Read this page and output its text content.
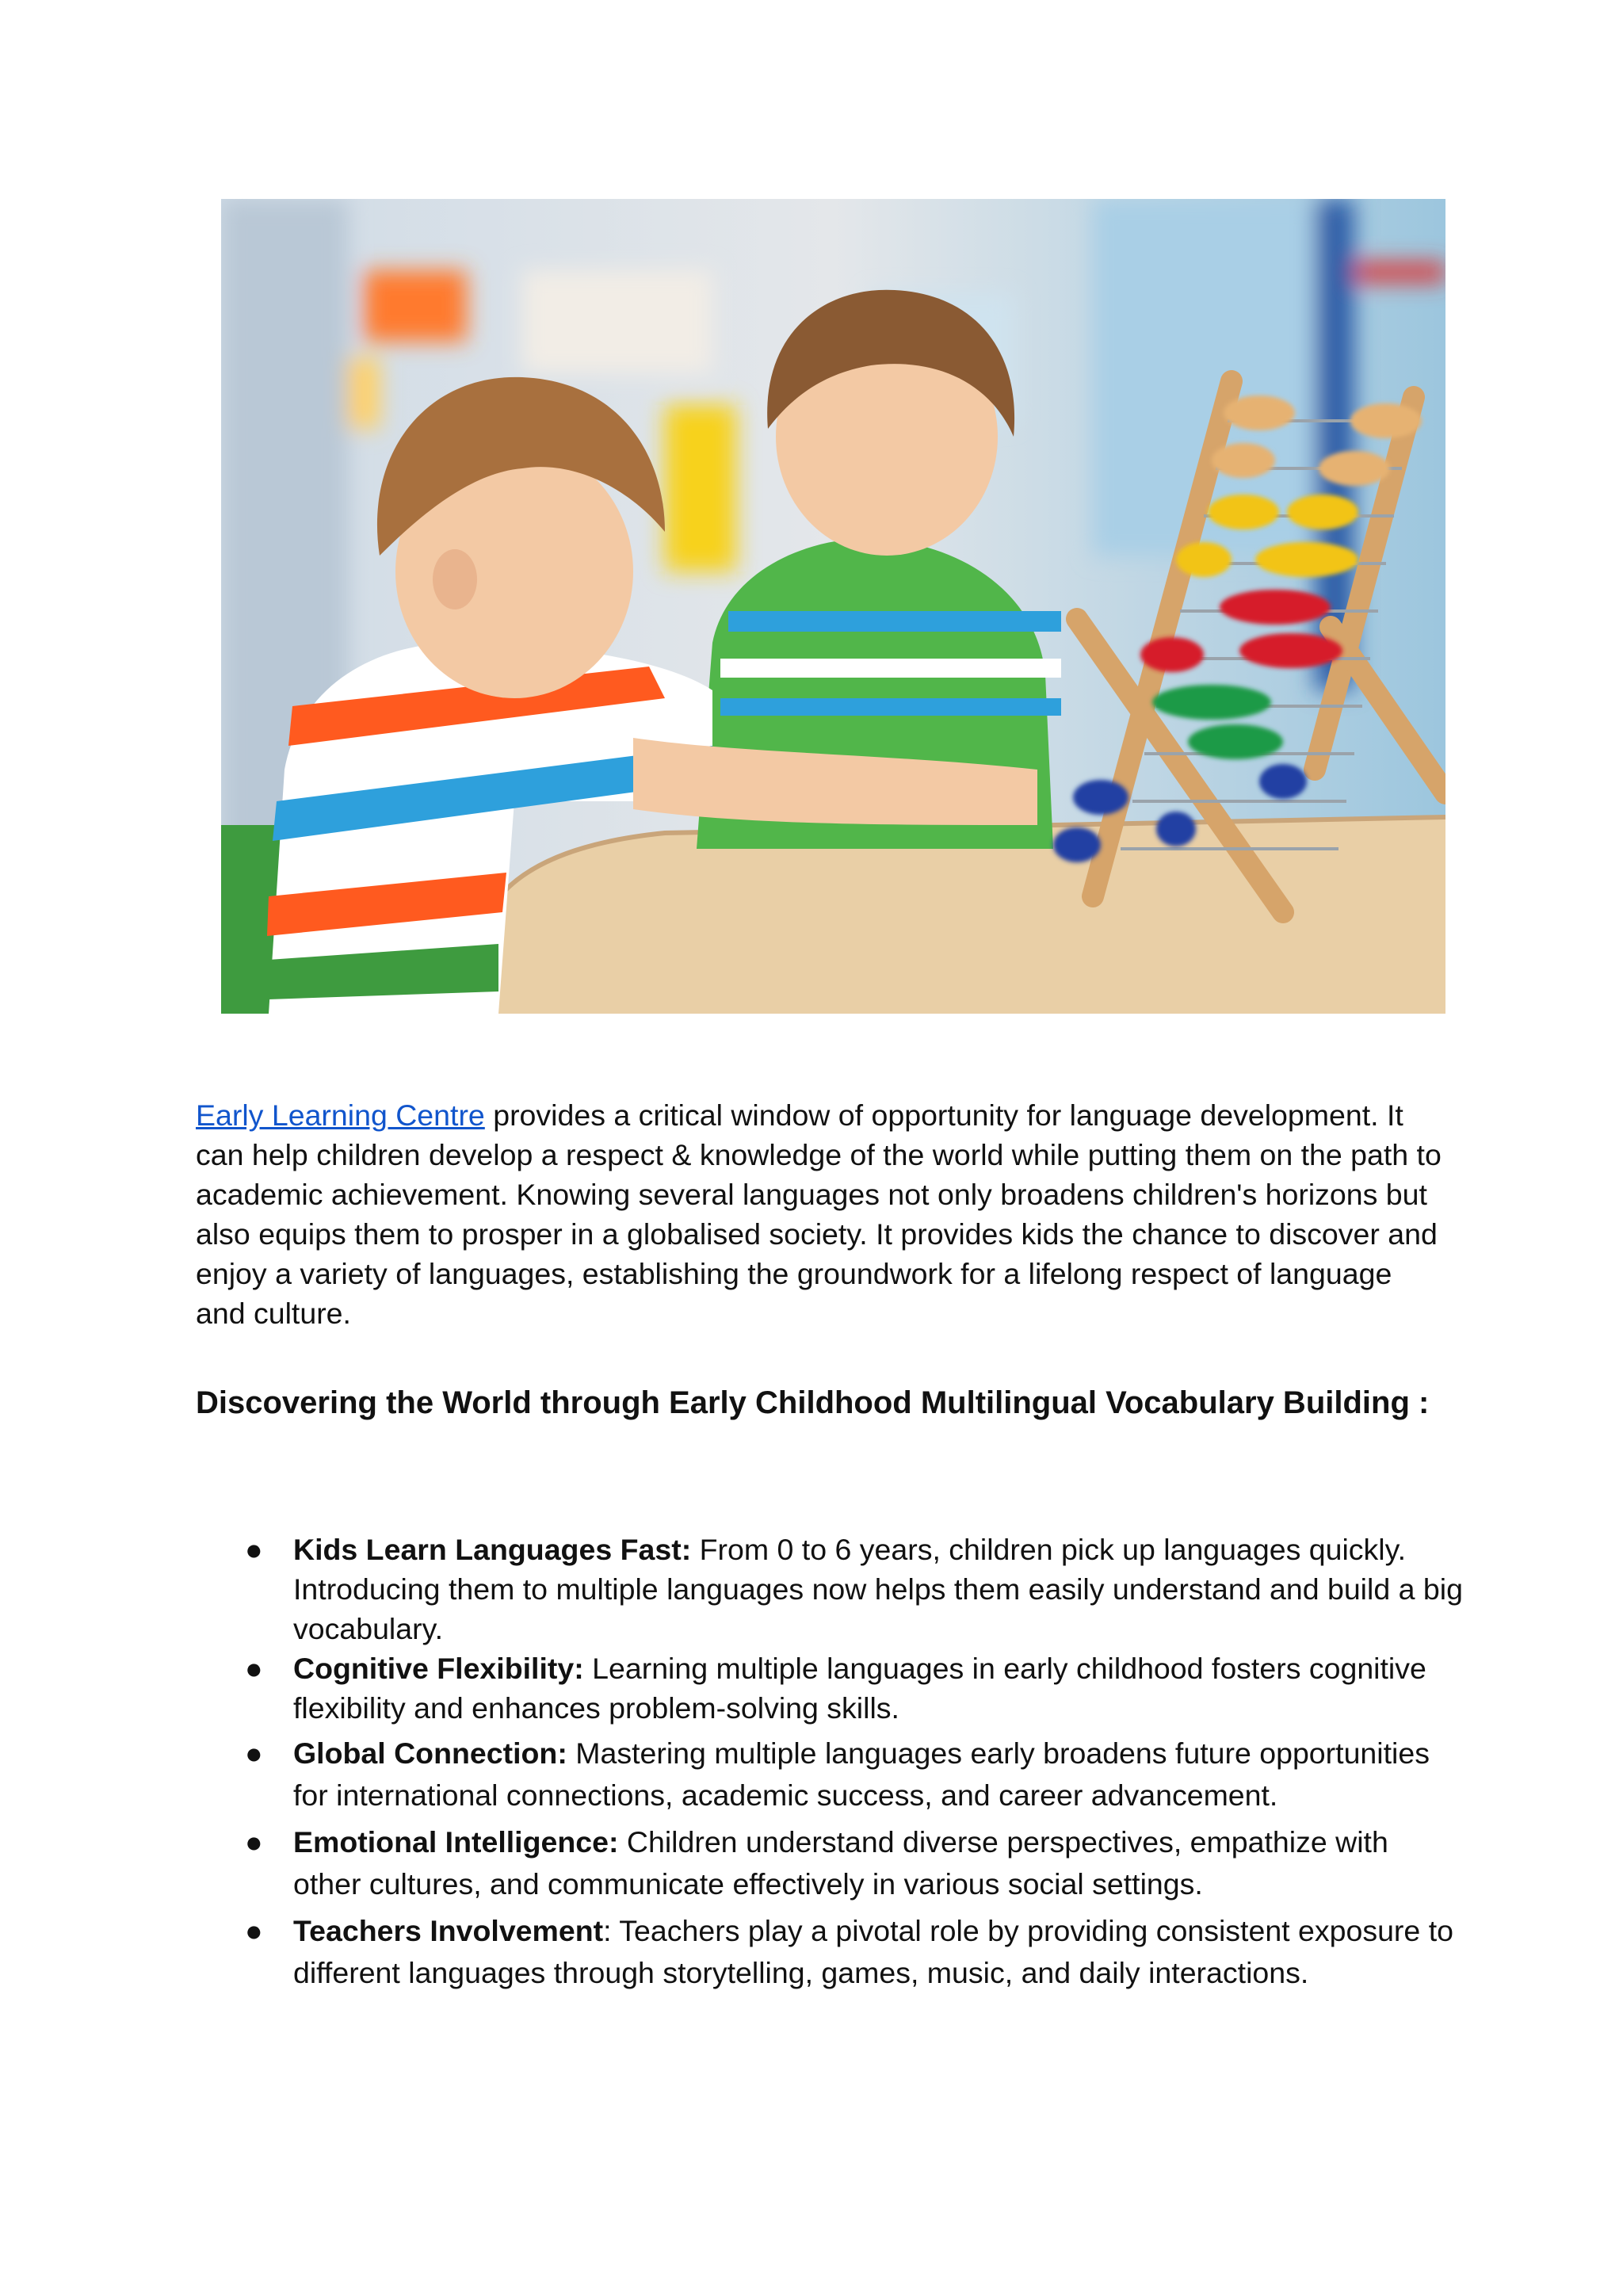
Early Learning Centre provides a critical window of opportunity for language development. It can help children develop a respect & knowledge of the world while putting them on the path to academic achievement. Knowing several languages not only broadens children's horizons but also equips them to prosper in a globalised society. It provides kids the chance to discover and enjoy a variety of languages, establishing the groundwork for a lifelong respect of language and culture.

Discovering the World through Early Childhood Multilingual Vocabulary Building :
● Kids Learn Languages Fast: From 0 to 6 years, children pick up languages quickly. Introducing them to multiple languages now helps them easily understand and build a big vocabulary.
● Cognitive Flexibility: Learning multiple languages in early childhood fosters cognitive flexibility and enhances problem-solving skills.
● Global Connection: Mastering multiple languages early broadens future opportunities for international connections, academic success, and career advancement.
● Emotional Intelligence: Children understand diverse perspectives, empathize with other cultures, and communicate effectively in various social settings.
● Teachers Involvement: Teachers play a pivotal role by providing consistent exposure to different languages through storytelling, games, music, and daily interactions.
